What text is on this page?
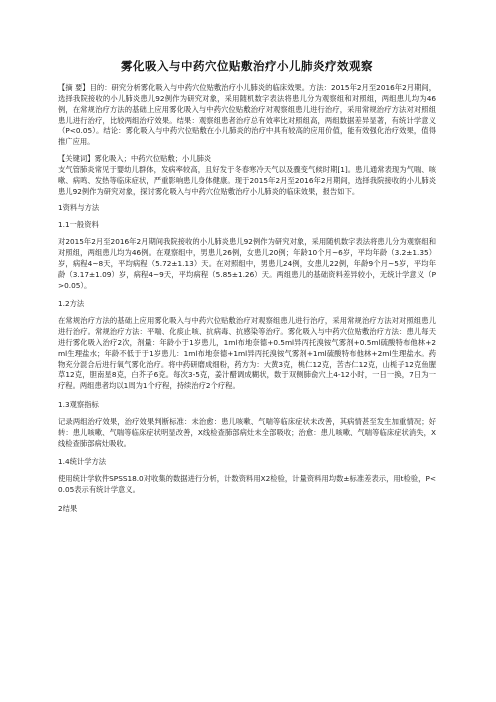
雾化吸入与中药穴位贴敷治疗小儿肺炎疗效观察

【摘 要】目的：研究分析雾化吸入与中药穴位贴敷治疗小儿肺炎的临床效果。方法：2015年2月至2016年2月期间，选择我院接收的小儿肺炎患儿92例作为研究对象，采用随机数字表法将患儿分为观察组和对照组，两组患儿均为46例，在常规治疗方法的基础上应用雾化吸入与中药穴位贴敷治疗对观察组患儿进行治疗，采用常规治疗方法对对照组患儿进行治疗，比较两组治疗效果。结果：观察组患者治疗总有效率比对照组高，两组数据差异显著，有统计学意义（P<0.05）。结论：雾化吸入与中药穴位贴敷在小儿肺炎的治疗中具有较高的应用价值，能有效强化治疗效果，值得推广应用。

【关键词】雾化吸入；中药穴位贴敷；小儿肺炎

支气管肺炎常见于婴幼儿群体，发病率较高，且好发于冬春寒冷天气以及骤变气候时期[1]。患儿通常表现为气喘、咳嗽、病鸣、发热等临床症状，严重影响患儿身体健康。现于2015年2月至2016年2月期间，选择我院接收的小儿肺炎患儿92例作为研究对象，探讨雾化吸入与中药穴位贴敷治疗小儿肺炎的临床效果，报告如下。

1资料与方法

1.1一般资料

对2015年2月至2016年2月期间我院接收的小儿肺炎患儿92例作为研究对象，采用随机数字表法将患儿分为观察组和对照组，两组患儿均为46例。在观察组中，男患儿26例，女患儿20例；年龄10个月~6岁，平均年龄（3.2±1.35）岁，病程4~8天，平均病程（5.72±1.13）天。在对照组中，男患儿24例，女患儿22例，年龄9个月~5岁，平均年龄（3.17±1.09）岁，病程4~9天，平均病程（5.85±1.26）天。两组患儿的基础资料差异较小，无统计学意义（P>0.05）。

1.2方法

在常规治疗方法的基础上应用雾化吸入与中药穴位贴敷治疗对观察组患儿进行治疗，采用常规治疗方法对对照组患儿进行治疗。常规治疗方法：平喘、化痰止咳、抗病毒、抗感染等治疗。雾化吸入与中药穴位贴敷治疗方法：患儿每天进行雾化吸入治疗2次，剂量：年龄小于1岁患儿，1ml布地奈德+0.5ml异丙托溴铵气雾剂+0.5ml硫酸特布他林+2ml生理盐水；年龄不低于于1岁患儿：1ml布地奈德+1ml异丙托溴铵气雾剂+1ml硫酸特布他林+2ml生理盐水。药物充分混合后进行氧气雾化治疗。将中药研磨成细粉，药方为：大黄3克，桃仁12克，苦杏仁12克，山栀子12克鱼腥草12克，胆南星8克，白芥子6克。每次3-5克，姜汁醋调成糊状，数于双侧肺俞穴上4-12小时，一日一换，7日为一疗程。两组患者均以1周为1个疗程，持续治疗2个疗程。

1.3观察指标

记录两组治疗效果，治疗效果判断标准：未治愈：患儿咳嗽、气喘等临床症状未改善，其病情甚至发生加重情况；好转：患儿咳嗽、气喘等临床症状明显改善，X线检查肺部病灶未全部吸收；治愈：患儿咳嗽、气喘等临床症状消失，X线检查肺部病灶吸收。

1.4统计学方法

使用统计学软件SPSS18.0对收集的数据进行分析，计数资料用X2检验，计量资料用均数±标准差表示，用t检验，P<0.05表示有统计学意义。

2结果
